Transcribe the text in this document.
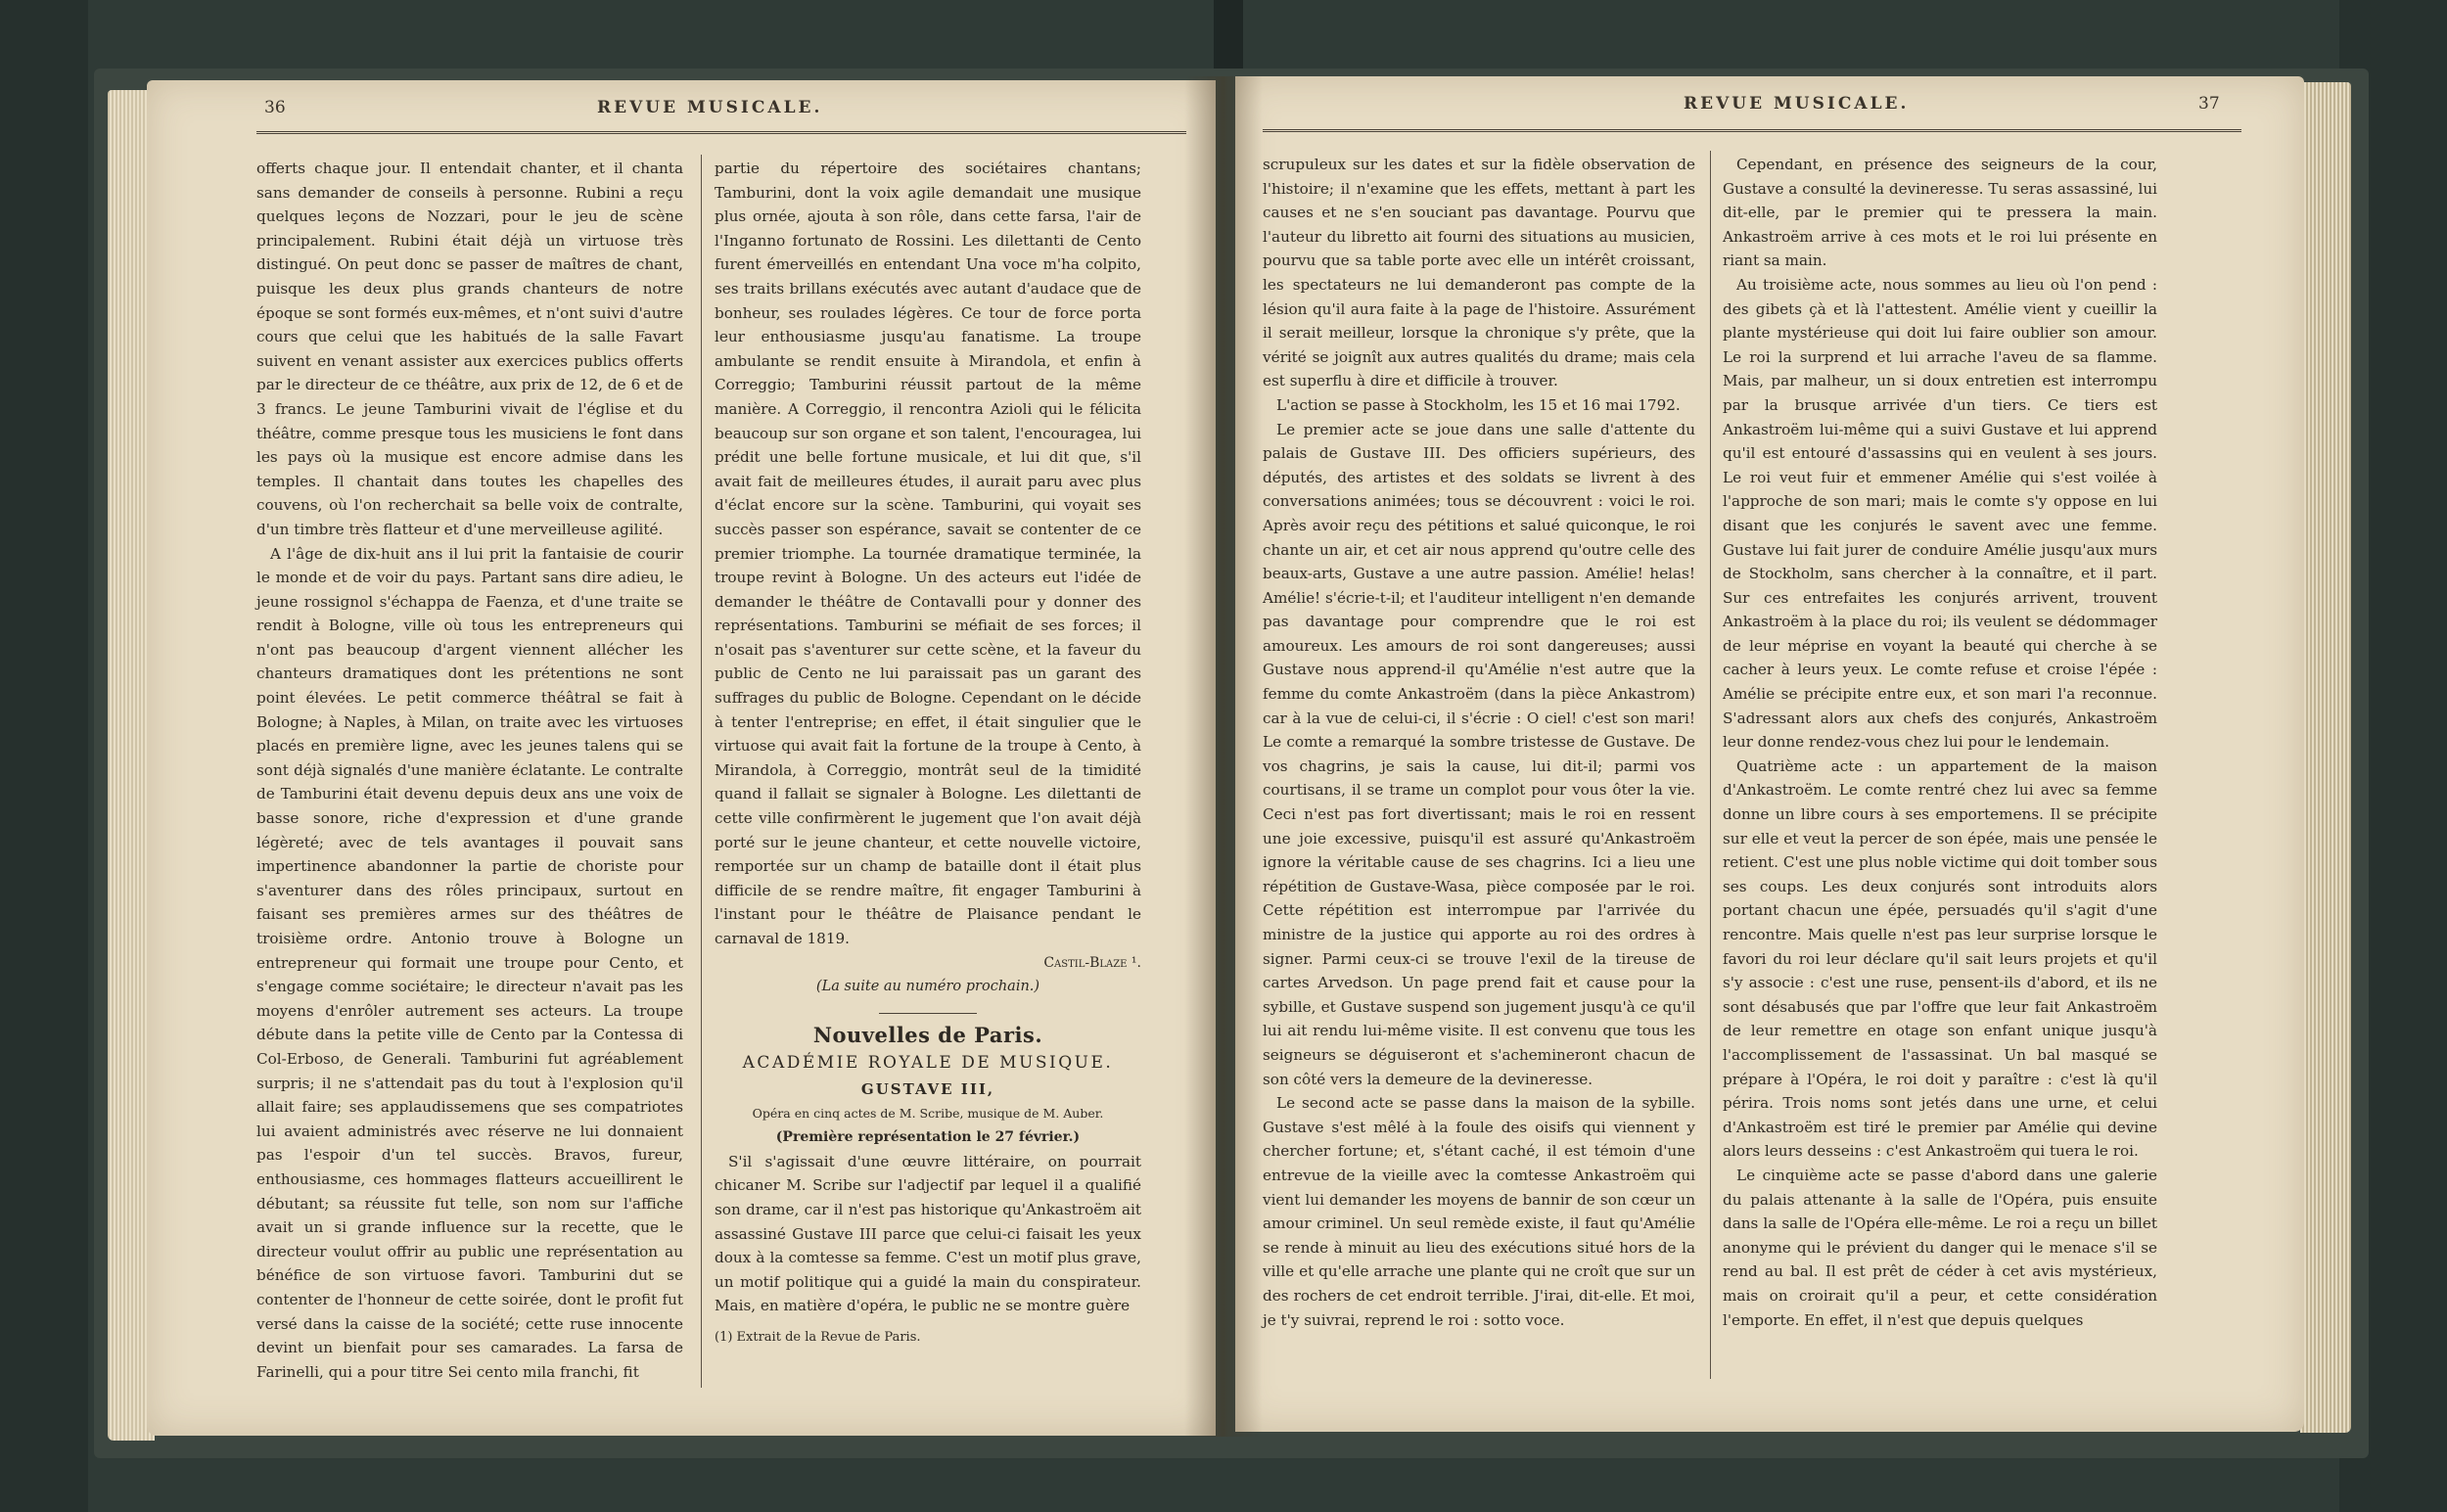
36	REVUE MUSICALE.

offerts chaque jour. Il entendait chanter, et il chanta sans demander de conseils à personne. Rubini a reçu quelques leçons de Nozzari, pour le jeu de scène principalement. Rubini était déjà un virtuose très distingué. On peut donc se passer de maîtres de chant, puisque les deux plus grands chanteurs de notre époque se sont formés eux-mêmes, et n'ont suivi d'autre cours que celui que les habitués de la salle Favart suivent en venant assister aux exercices publics offerts par le directeur de ce théâtre, aux prix de 12, de 6 et de 3 francs. Le jeune Tamburini vivait de l'église et du théâtre, comme presque tous les musiciens le font dans les pays où la musique est encore admise dans les temples. Il chantait dans toutes les chapelles des couvens, où l'on recherchait sa belle voix de contralte, d'un timbre très flatteur et d'une merveilleuse agilité.

A l'âge de dix-huit ans il lui prit la fantaisie de courir le monde et de voir du pays. Partant sans dire adieu, le jeune rossignol s'échappa de Faenza, et d'une traite se rendit à Bologne, ville où tous les entrepreneurs qui n'ont pas beaucoup d'argent viennent allécher les chanteurs dramatiques dont les prétentions ne sont point élevées. Le petit commerce théâtral se fait à Bologne; à Naples, à Milan, on traite avec les virtuoses placés en première ligne, avec les jeunes talens qui se sont déjà signalés d'une manière éclatante. Le contralte de Tamburini était devenu depuis deux ans une voix de basse sonore, riche d'expression et d'une grande légèreté; avec de tels avantages il pouvait sans impertinence abandonner la partie de choriste pour s'aventurer dans des rôles principaux, surtout en faisant ses premières armes sur des théâtres de troisième ordre. Antonio trouve à Bologne un entrepreneur qui formait une troupe pour Cento, et s'engage comme sociétaire; le directeur n'avait pas les moyens d'enrôler autrement ses acteurs. La troupe débute dans la petite ville de Cento par la Contessa di Col-Erboso, de Generali. Tamburini fut agréablement surpris; il ne s'attendait pas du tout à l'explosion qu'il allait faire; ses applaudissemens que ses compatriotes lui avaient administrés avec réserve ne lui donnaient pas l'espoir d'un tel succès. Bravos, fureur, enthousiasme, ces hommages flatteurs accueillirent le débutant; sa réussite fut telle, son nom sur l'affiche avait un si grande influence sur la recette, que le directeur voulut offrir au public une représentation au bénéfice de son virtuose favori. Tamburini dut se contenter de l'honneur de cette soirée, dont le profit fut versé dans la caisse de la société; cette ruse innocente devint un bienfait pour ses camarades. La farsa de Farinelli, qui a pour titre Sei cento mila franchi, fit

partie du répertoire des sociétaires chantans; Tamburini, dont la voix agile demandait une musique plus ornée, ajouta à son rôle, dans cette farsa, l'air de l'Inganno fortunato de Rossini. Les dilettanti de Cento furent émerveillés en entendant Una voce m'ha colpito, ses traits brillans exécutés avec autant d'audace que de bonheur, ses roulades légères. Ce tour de force porta leur enthousiasme jusqu'au fanatisme. La troupe ambulante se rendit ensuite à Mirandola, et enfin à Correggio; Tamburini réussit partout de la même manière. A Correggio, il rencontra Azioli qui le félicita beaucoup sur son organe et son talent, l'encouragea, lui prédit une belle fortune musicale, et lui dit que, s'il avait fait de meilleures études, il aurait paru avec plus d'éclat encore sur la scène. Tamburini, qui voyait ses succès passer son espérance, savait se contenter de ce premier triomphe. La tournée dramatique terminée, la troupe revint à Bologne. Un des acteurs eut l'idée de demander le théâtre de Contavalli pour y donner des représentations. Tamburini se méfiait de ses forces; il n'osait pas s'aventurer sur cette scène, et la faveur du public de Cento ne lui paraissait pas un garant des suffrages du public de Bologne. Cependant on le décide à tenter l'entreprise; en effet, il était singulier que le virtuose qui avait fait la fortune de la troupe à Cento, à Mirandola, à Correggio, montrât seul de la timidité quand il fallait se signaler à Bologne. Les dilettanti de cette ville confirmèrent le jugement que l'on avait déjà porté sur le jeune chanteur, et cette nouvelle victoire, remportée sur un champ de bataille dont il était plus difficile de se rendre maître, fit engager Tamburini à l'instant pour le théâtre de Plaisance pendant le carnaval de 1819.

Castil-Blaze ¹.

(La suite au numéro prochain.)

Nouvelles de Paris.
ACADÉMIE ROYALE DE MUSIQUE.
GUSTAVE III,
Opéra en cinq actes de M. Scribe, musique de M. Auber.
(Première représentation le 27 février.)

S'il s'agissait d'une œuvre littéraire, on pourrait chicaner M. Scribe sur l'adjectif par lequel il a qualifié son drame, car il n'est pas historique qu'Ankastroëm ait assassiné Gustave III parce que celui-ci faisait les yeux doux à la comtesse sa femme. C'est un motif plus grave, un motif politique qui a guidé la main du conspirateur. Mais, en matière d'opéra, le public ne se montre guère

(1) Extrait de la Revue de Paris.
REVUE MUSICALE.	37

scrupuleux sur les dates et sur la fidèle observation de l'histoire; il n'examine que les effets, mettant à part les causes et ne s'en souciant pas davantage. Pourvu que l'auteur du libretto ait fourni des situations au musicien, pourvu que sa table porte avec elle un intérêt croissant, les spectateurs ne lui demanderont pas compte de la lésion qu'il aura faite à la page de l'histoire. Assurément il serait meilleur, lorsque la chronique s'y prête, que la vérité se joignît aux autres qualités du drame; mais cela est superflu à dire et difficile à trouver.

L'action se passe à Stockholm, les 15 et 16 mai 1792.

Le premier acte se joue dans une salle d'attente du palais de Gustave III. Des officiers supérieurs, des députés, des artistes et des soldats se livrent à des conversations animées; tous se découvrent : voici le roi. Après avoir reçu des pétitions et salué quiconque, le roi chante un air, et cet air nous apprend qu'outre celle des beaux-arts, Gustave a une autre passion. Amélie! helas! Amélie! s'écrie-t-il; et l'auditeur intelligent n'en demande pas davantage pour comprendre que le roi est amoureux. Les amours de roi sont dangereuses; aussi Gustave nous apprend-il qu'Amélie n'est autre que la femme du comte Ankastroëm (dans la pièce Ankastrom) car à la vue de celui-ci, il s'écrie : O ciel! c'est son mari! Le comte a remarqué la sombre tristesse de Gustave. De vos chagrins, je sais la cause, lui dit-il; parmi vos courtisans, il se trame un complot pour vous ôter la vie. Ceci n'est pas fort divertissant; mais le roi en ressent une joie excessive, puisqu'il est assuré qu'Ankastroëm ignore la véritable cause de ses chagrins. Ici a lieu une répétition de Gustave-Wasa, pièce composée par le roi. Cette répétition est interrompue par l'arrivée du ministre de la justice qui apporte au roi des ordres à signer. Parmi ceux-ci se trouve l'exil de la tireuse de cartes Arvedson. Un page prend fait et cause pour la sybille, et Gustave suspend son jugement jusqu'à ce qu'il lui ait rendu lui-même visite. Il est convenu que tous les seigneurs se déguiseront et s'achemineront chacun de son côté vers la demeure de la devineresse.

Le second acte se passe dans la maison de la sybille. Gustave s'est mêlé à la foule des oisifs qui viennent y chercher fortune; et, s'étant caché, il est témoin d'une entrevue de la vieille avec la comtesse Ankastroëm qui vient lui demander les moyens de bannir de son cœur un amour criminel. Un seul remède existe, il faut qu'Amélie se rende à minuit au lieu des exécutions situé hors de la ville et qu'elle arrache une plante qui ne croît que sur un des rochers de cet endroit terrible. J'irai, dit-elle. Et moi, je t'y suivrai, reprend le roi : sotto voce.

Cependant, en présence des seigneurs de la cour, Gustave a consulté la devineresse. Tu seras assassiné, lui dit-elle, par le premier qui te pressera la main. Ankastroëm arrive à ces mots et le roi lui présente en riant sa main.

Au troisième acte, nous sommes au lieu où l'on pend : des gibets çà et là l'attestent. Amélie vient y cueillir la plante mystérieuse qui doit lui faire oublier son amour. Le roi la surprend et lui arrache l'aveu de sa flamme. Mais, par malheur, un si doux entretien est interrompu par la brusque arrivée d'un tiers. Ce tiers est Ankastroëm lui-même qui a suivi Gustave et lui apprend qu'il est entouré d'assassins qui en veulent à ses jours. Le roi veut fuir et emmener Amélie qui s'est voilée à l'approche de son mari; mais le comte s'y oppose en lui disant que les conjurés le savent avec une femme. Gustave lui fait jurer de conduire Amélie jusqu'aux murs de Stockholm, sans chercher à la connaître, et il part. Sur ces entrefaites les conjurés arrivent, trouvent Ankastroëm à la place du roi; ils veulent se dédommager de leur méprise en voyant la beauté qui cherche à se cacher à leurs yeux. Le comte refuse et croise l'épée : Amélie se précipite entre eux, et son mari l'a reconnue. S'adressant alors aux chefs des conjurés, Ankastroëm leur donne rendez-vous chez lui pour le lendemain.

Quatrième acte : un appartement de la maison d'Ankastroëm. Le comte rentré chez lui avec sa femme donne un libre cours à ses emportemens. Il se précipite sur elle et veut la percer de son épée, mais une pensée le retient. C'est une plus noble victime qui doit tomber sous ses coups. Les deux conjurés sont introduits alors portant chacun une épée, persuadés qu'il s'agit d'une rencontre. Mais quelle n'est pas leur surprise lorsque le favori du roi leur déclare qu'il sait leurs projets et qu'il s'y associe : c'est une ruse, pensent-ils d'abord, et ils ne sont désabusés que par l'offre que leur fait Ankastroëm de leur remettre en otage son enfant unique jusqu'à l'accomplissement de l'assassinat. Un bal masqué se prépare à l'Opéra, le roi doit y paraître : c'est là qu'il périra. Trois noms sont jetés dans une urne, et celui d'Ankastroëm est tiré le premier par Amélie qui devine alors leurs desseins : c'est Ankastroëm qui tuera le roi.

Le cinquième acte se passe d'abord dans une galerie du palais attenante à la salle de l'Opéra, puis ensuite dans la salle de l'Opéra elle-même. Le roi a reçu un billet anonyme qui le prévient du danger qui le menace s'il se rend au bal. Il est prêt de céder à cet avis mystérieux, mais on croirait qu'il a peur, et cette considération l'emporte. En effet, il n'est que depuis quelques
